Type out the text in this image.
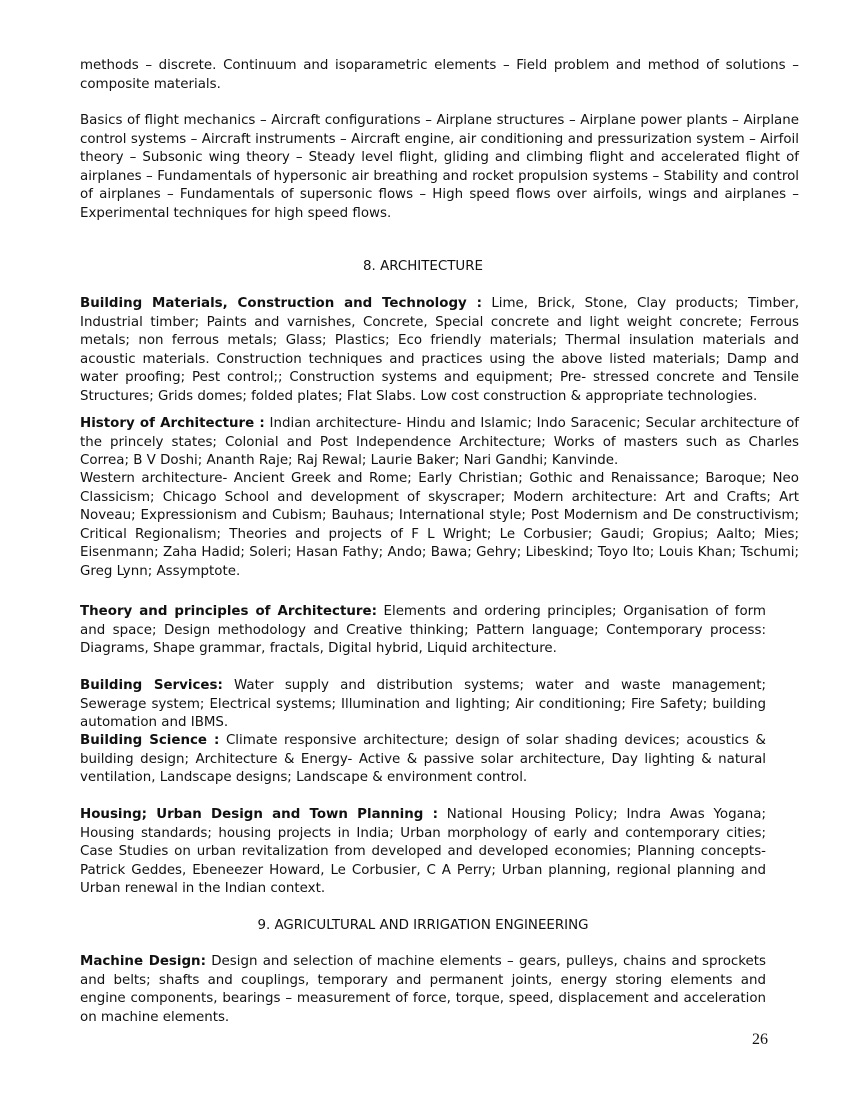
methods – discrete. Continuum and isoparametric elements – Field problem and method of solutions – composite materials.

Basics of flight mechanics – Aircraft configurations – Airplane structures – Airplane power plants – Airplane control systems – Aircraft instruments – Aircraft engine, air conditioning and pressurization system – Airfoil theory – Subsonic wing theory – Steady level flight, gliding and climbing flight and accelerated flight of airplanes – Fundamentals of hypersonic air breathing and rocket propulsion systems – Stability and control of airplanes – Fundamentals of supersonic flows – High speed flows over airfoils, wings and airplanes – Experimental techniques for high speed flows.

8. ARCHITECTURE

Building Materials, Construction and Technology : Lime, Brick, Stone, Clay products; Timber, Industrial timber; Paints and varnishes, Concrete, Special concrete and light weight concrete; Ferrous metals; non ferrous metals; Glass; Plastics; Eco friendly materials; Thermal insulation materials and acoustic materials. Construction techniques and practices using the above listed materials; Damp and water proofing; Pest control;; Construction systems and equipment; Pre- stressed concrete and Tensile Structures; Grids domes; folded plates; Flat Slabs. Low cost construction & appropriate technologies.

History of Architecture : Indian architecture- Hindu and Islamic; Indo Saracenic; Secular architecture of the princely states; Colonial and Post Independence Architecture; Works of masters such as Charles Correa; B V Doshi; Ananth Raje; Raj Rewal; Laurie Baker; Nari Gandhi; Kanvinde.

Western architecture- Ancient Greek and Rome; Early Christian; Gothic and Renaissance; Baroque; Neo Classicism; Chicago School and development of skyscraper; Modern architecture: Art and Crafts; Art Noveau; Expressionism and Cubism; Bauhaus; International style; Post Modernism and De constructivism; Critical Regionalism; Theories and projects of F L Wright; Le Corbusier; Gaudi; Gropius; Aalto; Mies; Eisenmann; Zaha Hadid; Soleri; Hasan Fathy; Ando; Bawa; Gehry; Libeskind; Toyo Ito; Louis Khan; Tschumi; Greg Lynn; Assymptote.

Theory and principles of Architecture: Elements and ordering principles; Organisation of form and space; Design methodology and Creative thinking; Pattern language; Contemporary process: Diagrams, Shape grammar, fractals, Digital hybrid, Liquid architecture.

Building Services: Water supply and distribution systems; water and waste management; Sewerage system; Electrical systems; Illumination and lighting; Air conditioning; Fire Safety; building automation and IBMS.

Building Science : Climate responsive architecture; design of solar shading devices; acoustics & building design; Architecture & Energy- Active & passive solar architecture, Day lighting & natural ventilation, Landscape designs; Landscape & environment control.

Housing; Urban Design and Town Planning : National Housing Policy; Indra Awas Yogana; Housing standards; housing projects in India; Urban morphology of early and contemporary cities; Case Studies on urban revitalization from developed and developed economies; Planning concepts- Patrick Geddes, Ebeneezer Howard, Le Corbusier, C A Perry; Urban planning, regional planning and Urban renewal in the Indian context.

9. AGRICULTURAL AND IRRIGATION ENGINEERING

Machine Design: Design and selection of machine elements – gears, pulleys, chains and sprockets and belts; shafts and couplings, temporary and permanent joints, energy storing elements and engine components, bearings – measurement of force, torque, speed, displacement and acceleration on machine elements.

26
